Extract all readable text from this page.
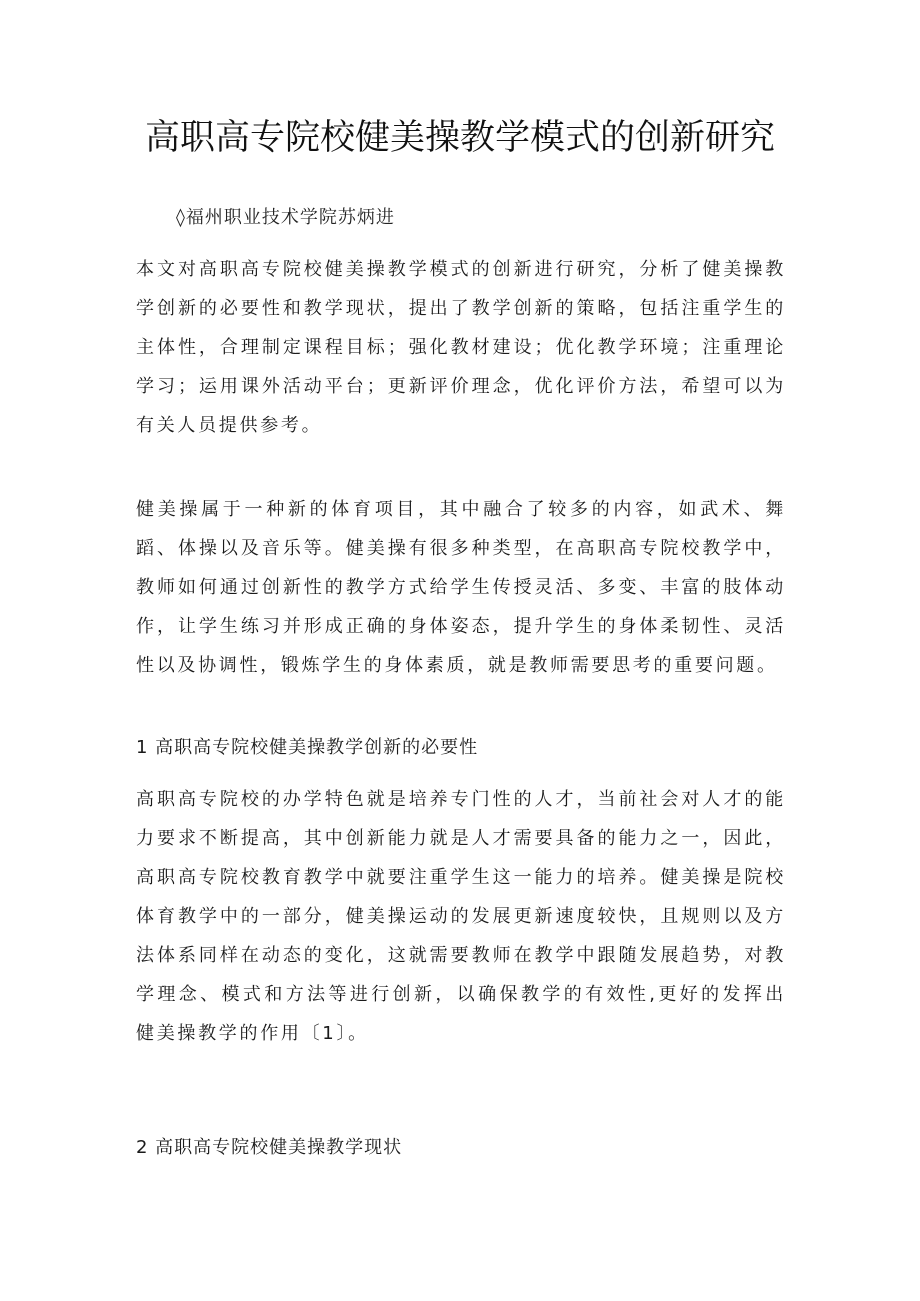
高职高专院校健美操教学模式的创新研究
◊福州职业技术学院苏炳进

本文对高职高专院校健美操教学模式的创新进行研究，分析了健美操教学创新的必要性和教学现状，提出了教学创新的策略，包括注重学生的主体性，合理制定课程目标；强化教材建设；优化教学环境；注重理论学习；运用课外活动平台；更新评价理念，优化评价方法，希望可以为有关人员提供参考。

健美操属于一种新的体育项目，其中融合了较多的内容，如武术、舞蹈、体操以及音乐等。健美操有很多种类型，在高职高专院校教学中，教师如何通过创新性的教学方式给学生传授灵活、多变、丰富的肢体动作，让学生练习并形成正确的身体姿态，提升学生的身体柔韧性、灵活性以及协调性，锻炼学生的身体素质，就是教师需要思考的重要问题。

1 高职高专院校健美操教学创新的必要性

高职高专院校的办学特色就是培养专门性的人才，当前社会对人才的能力要求不断提高，其中创新能力就是人才需要具备的能力之一，因此，高职高专院校教育教学中就要注重学生这一能力的培养。健美操是院校体育教学中的一部分，健美操运动的发展更新速度较快，且规则以及方法体系同样在动态的变化，这就需要教师在教学中跟随发展趋势，对教学理念、模式和方法等进行创新，以确保教学的有效性,更好的发挥出健美操教学的作用〔1〕。

2 高职高专院校健美操教学现状
